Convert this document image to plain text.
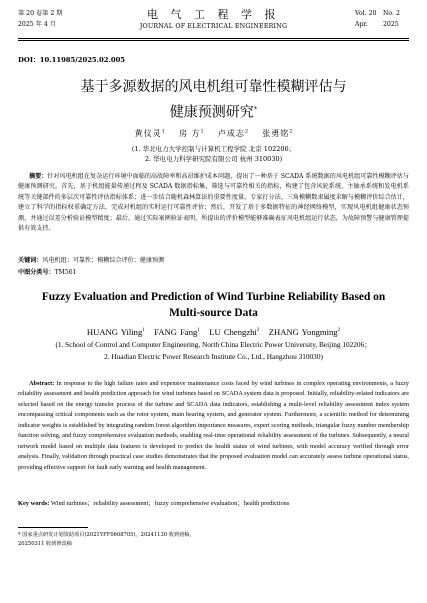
第 20 卷第 2 期
2025 年 4 月
电 气 工 程 学 报
JOURNAL OF ELECTRICAL ENGINEERING
Vol. 20 No. 2
Apr. 2025
DOI：10.11985/2025.02.005
基于多源数据的风电机组可靠性模糊评估与
健康预测研究*
黄仪灵$^1$ 房 方$^1$ 卢成志$^2$ 张勇铭$^2$
(1. 华北电力大学控制与计算机工程学院 北京 102206；
2. 华电电力科学研究院有限公司 杭州 310030)
摘要：针对风电机组在复杂运行环境中面临的高故障率和高昂维护成本问题，提出了一种基于 SCADA 系统数据的风电机组可靠性模糊评估与健康预测研究。首先，基于机组能量传递过程及 SCADA 数据指标集，筛选与可靠性相关的指标，构建了包含风轮系统、主轴承系统和发电机系统等关键部件的多层次可靠性评估指标体系；进一步结合随机森林算法的重要性度量、专家打分法、三角模糊数隶属度求解与模糊评价综合估计，建立了科学的指标权重确定方法，完成对机组的实时运行可靠性评价；然后，开发了基于多数据特征的神经网络模型，实现风电机组健康状态预测，并通过误差分析验证模型精度；最后，通过实际案例验证表明，所提出的评价模型能够准确表征风电机组运行状态，为故障预警与健康管理提供有效支持。
关键词：风电机组；可靠性；模糊综合评价；健康预测
中图分类号：TM561
Fuzzy Evaluation and Prediction of Wind Turbine Reliability Based on
Multi-source Data
HUANG Yiling$^1$ FANG Fang$^1$ LU Chengzhi$^2$ ZHANG Yongming$^2$
(1. School of Control and Computer Engineering, North China Electric Power University, Beijing 102206；
2. Huadian Electric Power Research Institute Co., Ltd., Hangzhou 310030)
Abstract: In response to the high failure rates and expensive maintenance costs faced by wind turbines in complex operating environments, a fuzzy reliability assessment and health prediction approach for wind turbines based on SCADA system data is proposed. Initially, reliability-related indicators are selected based on the energy transfer process of the turbine and SCADA data indicators, establishing a multi-level reliability assessment index system encompassing critical components such as the rotor system, main bearing system, and generator system. Furthermore, a scientific method for determining indicator weights is established by integrating random forest algorithm importance measures, expert scoring methods, triangular fuzzy number membership function solving, and fuzzy comprehensive evaluation methods, enabling real-time operational reliability assessment of the turbines. Subsequently, a neural network model based on multiple data features is developed to predict the health status of wind turbines, with model accuracy verified through error analysis. Finally, validation through practical case studies demonstrates that the proposed evaluation model can accurately assess turbine operational status, providing effective support for fault early warning and health management.
Key words: Wind turbines；reliability assessment；fuzzy comprehensive evaluation；health predictions
* 国家重点研发计划资助项目(2021YFF0608705)。20241130 收到初稿，
20250311 收到修改稿
